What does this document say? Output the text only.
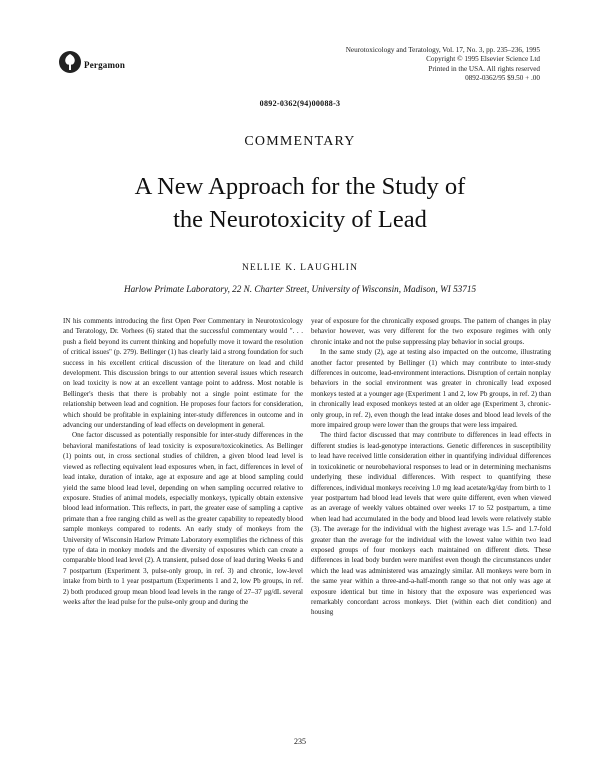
Pergamon
Neurotoxicology and Teratology, Vol. 17, No. 3, pp. 235–236, 1995
Copyright © 1995 Elsevier Science Ltd
Printed in the USA. All rights reserved
0892-0362/95 $9.50 + .00
0892-0362(94)00088-3
COMMENTARY
A New Approach for the Study of
the Neurotoxicity of Lead
NELLIE K. LAUGHLIN
Harlow Primate Laboratory, 22 N. Charter Street, University of Wisconsin, Madison, WI 53715

IN his comments introducing the first Open Peer Commentary in Neurotoxicology and Teratology, Dr. Vorhees (6) stated that the successful commentary would ". . . push a field beyond its current thinking and hopefully move it toward the resolution of critical issues" (p. 279). Bellinger (1) has clearly laid a strong foundation for such success in his excellent critical discussion of the literature on lead and child development. This discussion brings to our attention several issues which research on lead toxicity is now at an excellent vantage point to address. Most notable is Bellinger's thesis that there is probably not a single point estimate for the relationship between lead and cognition. He proposes four factors for consideration, which should be profitable in explaining inter-study differences in outcome and in advancing our understanding of lead effects on development in general.

One factor discussed as potentially responsible for inter-study differences in the behavioral manifestations of lead toxicity is exposure/toxicokinetics. As Bellinger (1) points out, in cross sectional studies of children, a given blood lead level is viewed as reflecting equivalent lead exposures when, in fact, differences in level of lead intake, duration of intake, age at exposure and age at blood sampling could yield the same blood lead level, depending on when sampling occurred relative to exposure. Studies of animal models, especially monkeys, typically obtain extensive blood lead information. This reflects, in part, the greater ease of sampling a captive primate than a free ranging child as well as the greater capability to repeatedly blood sample monkeys compared to rodents. An early study of monkeys from the University of Wisconsin Harlow Primate Laboratory exemplifies the richness of this type of data in monkey models and the diversity of exposures which can create a comparable blood lead level (2). A transient, pulsed dose of lead during Weeks 6 and 7 postpartum (Experiment 3, pulse-only group, in ref. 3) and chronic, low-level intake from birth to 1 year postpartum (Experiments 1 and 2, low Pb groups, in ref. 2) both produced group mean blood lead levels in the range of 27–37 µg/dL several weeks after the lead pulse for the pulse-only group and during the

year of exposure for the chronically exposed groups. The pattern of changes in play behavior however, was very different for the two exposure regimes with only chronic intake and not the pulse suppressing play behavior in social groups.

In the same study (2), age at testing also impacted on the outcome, illustrating another factor presented by Bellinger (1) which may contribute to inter-study differences in outcome, lead-environment interactions. Disruption of certain nonplay behaviors in the social environment was greater in chronically lead exposed monkeys tested at a younger age (Experiment 1 and 2, low Pb groups, in ref. 2) than in chronically lead exposed monkeys tested at an older age (Experiment 3, chronic-only group, in ref. 2), even though the lead intake doses and blood lead levels of the more impaired group were lower than the groups that were less impaired.

The third factor discussed that may contribute to differences in lead effects in different studies is lead-genotype interactions. Genetic differences in susceptibility to lead have received little consideration either in quantifying individual differences in toxicokinetic or neurobehavioral responses to lead or in determining mechanisms underlying these individual differences. With respect to quantifying these differences, individual monkeys receiving 1.0 mg lead acetate/kg/day from birth to 1 year postpartum had blood lead levels that were quite different, even when viewed as an average of weekly values obtained over weeks 17 to 52 postpartum, a time when lead had accumulated in the body and blood lead levels were relatively stable (3). The average for the individual with the highest average was 1.5- and 1.7-fold greater than the average for the individual with the lowest value within two lead exposed groups of four monkeys each maintained on different diets. These differences in lead body burden were manifest even though the circumstances under which the lead was administered was amazingly similar. All monkeys were born in the same year within a three-and-a-half-month range so that not only was age at exposure identical but time in history that the exposure was experienced was remarkably concordant across monkeys. Diet (within each diet condition) and housing

235
